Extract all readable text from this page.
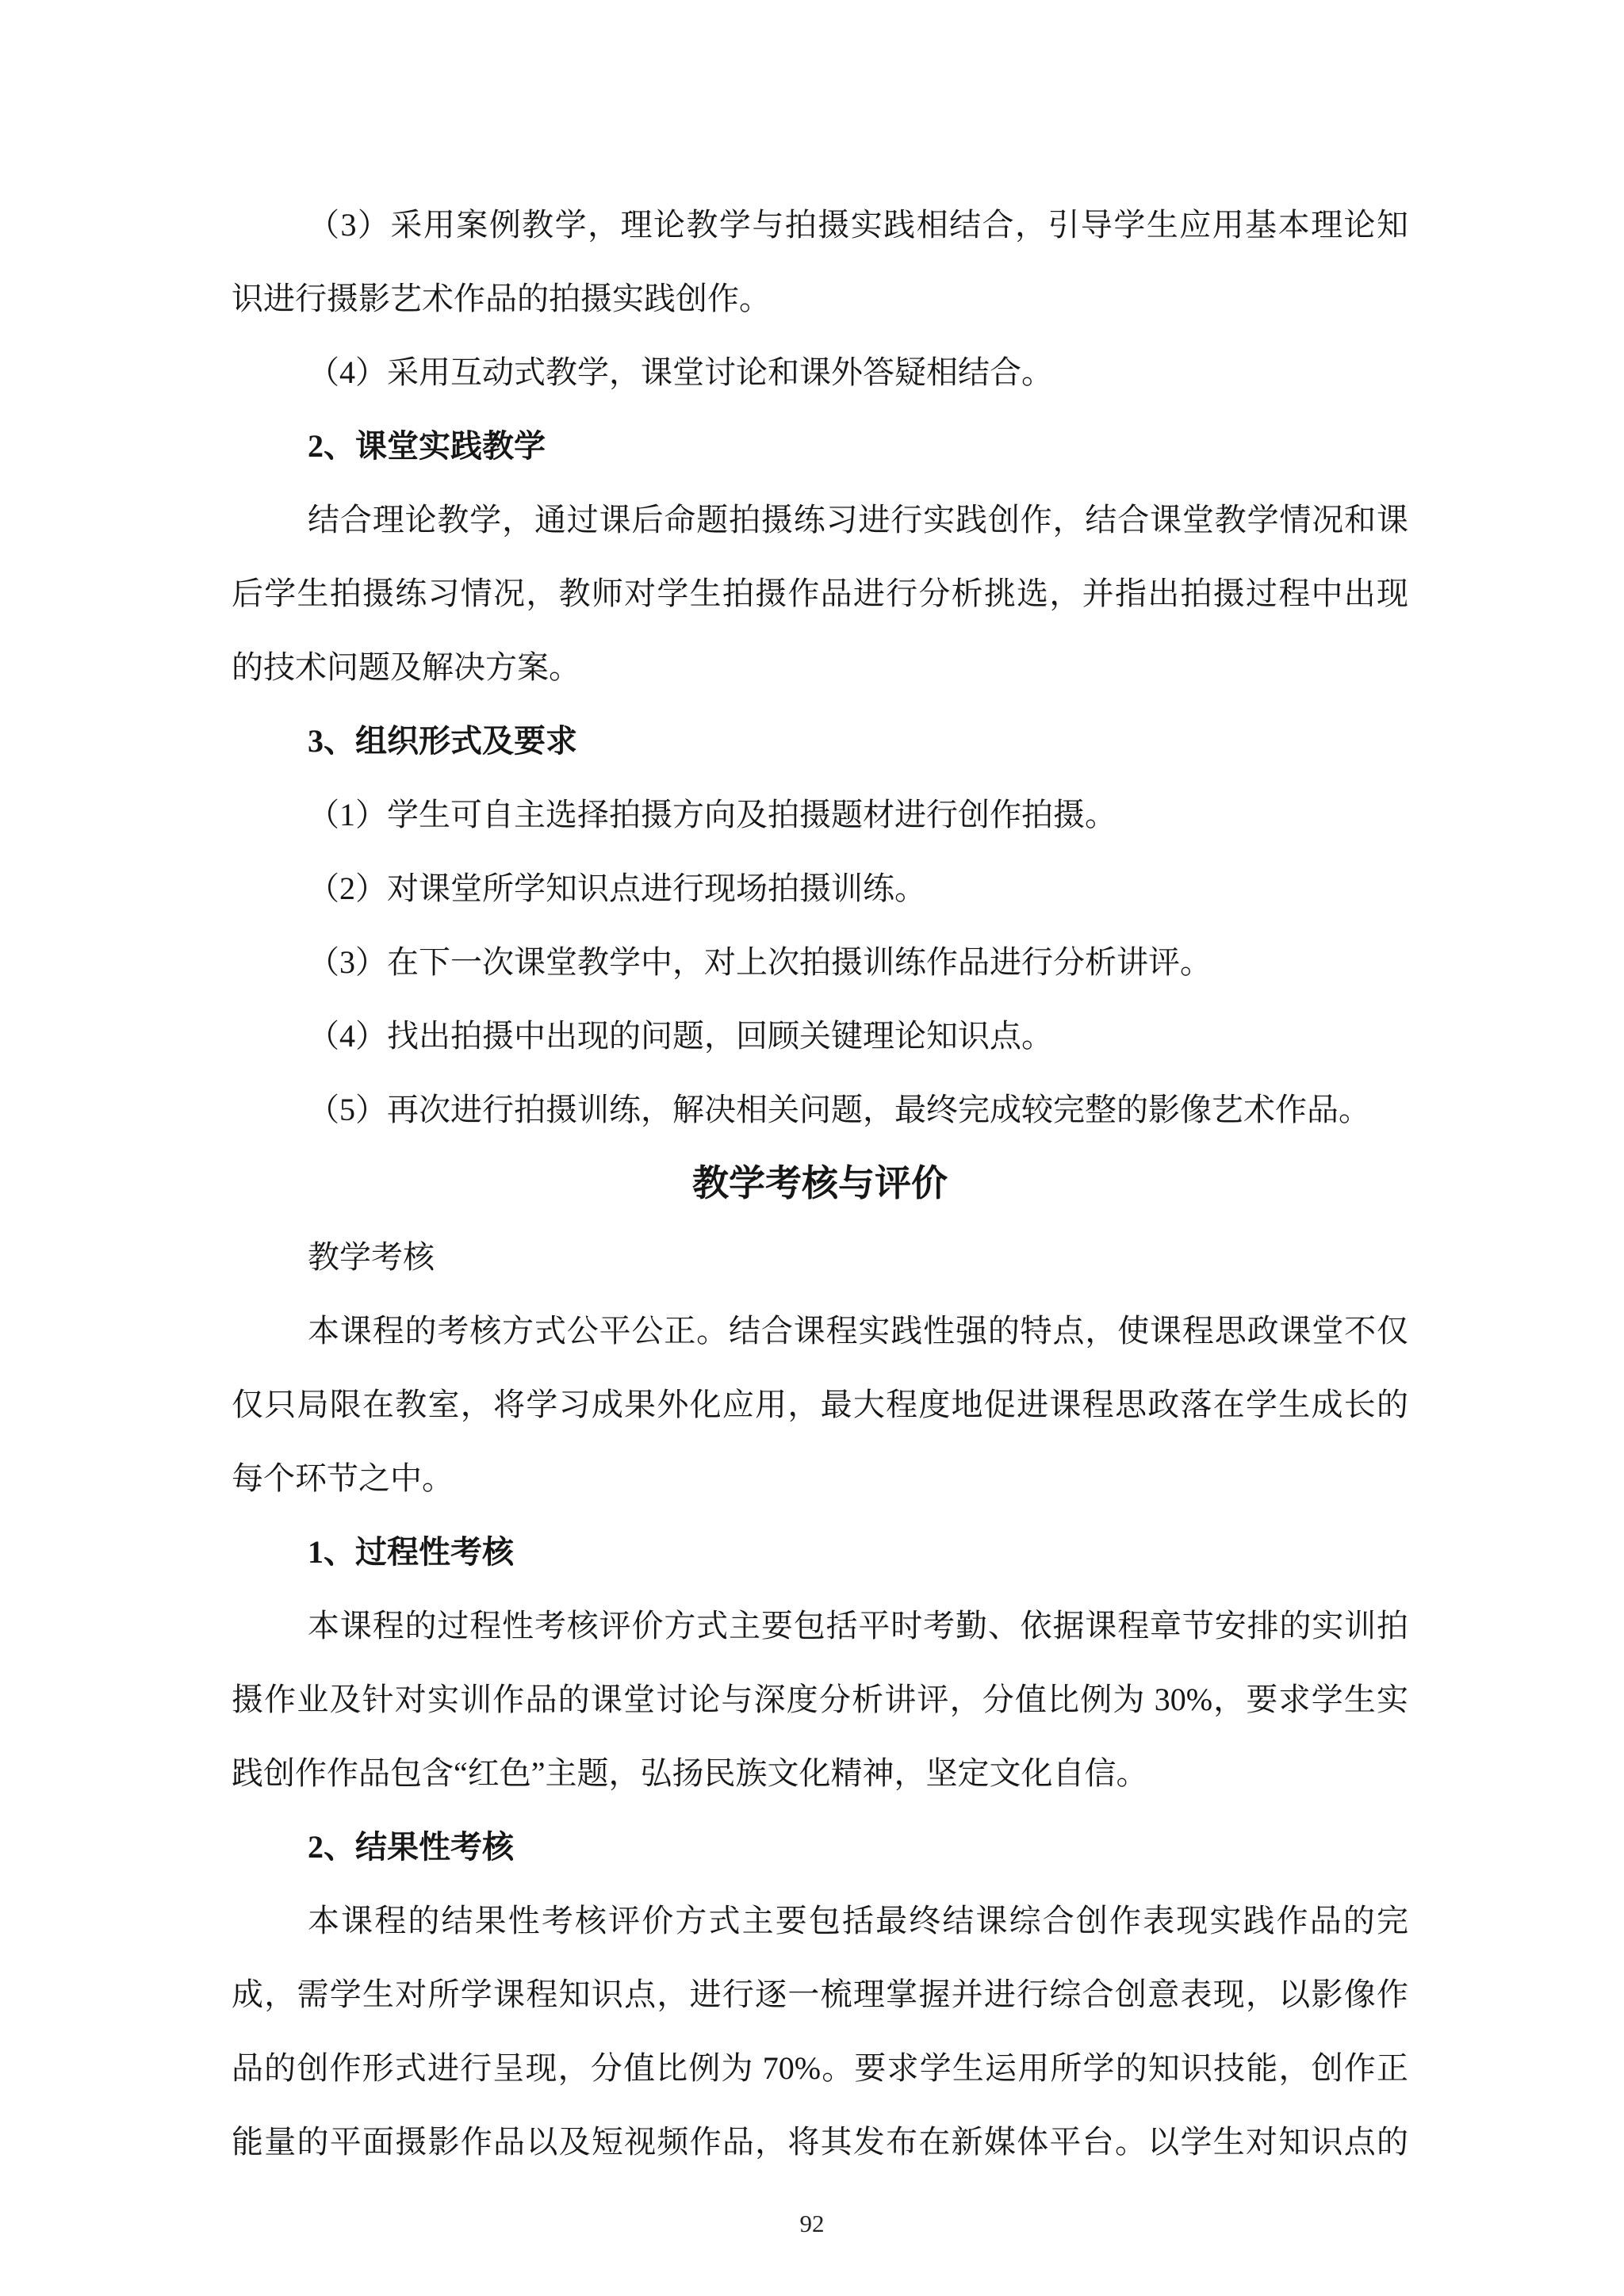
（3）采用案例教学，理论教学与拍摄实践相结合，引导学生应用基本理论知
识进行摄影艺术作品的拍摄实践创作。
（4）采用互动式教学，课堂讨论和课外答疑相结合。
2、课堂实践教学
结合理论教学，通过课后命题拍摄练习进行实践创作，结合课堂教学情况和课
后学生拍摄练习情况，教师对学生拍摄作品进行分析挑选，并指出拍摄过程中出现
的技术问题及解决方案。
3、组织形式及要求
（1）学生可自主选择拍摄方向及拍摄题材进行创作拍摄。
（2）对课堂所学知识点进行现场拍摄训练。
（3）在下一次课堂教学中，对上次拍摄训练作品进行分析讲评。
（4）找出拍摄中出现的问题，回顾关键理论知识点。
（5）再次进行拍摄训练，解决相关问题，最终完成较完整的影像艺术作品。
教学考核与评价
教学考核
本课程的考核方式公平公正。结合课程实践性强的特点，使课程思政课堂不仅
仅只局限在教室，将学习成果外化应用，最大程度地促进课程思政落在学生成长的
每个环节之中。
1、过程性考核
本课程的过程性考核评价方式主要包括平时考勤、依据课程章节安排的实训拍
摄作业及针对实训作品的课堂讨论与深度分析讲评，分值比例为 30%，要求学生实
践创作作品包含“红色”主题，弘扬民族文化精神，坚定文化自信。
2、结果性考核
本课程的结果性考核评价方式主要包括最终结课综合创作表现实践作品的完
成，需学生对所学课程知识点，进行逐一梳理掌握并进行综合创意表现，以影像作
品的创作形式进行呈现，分值比例为 70%。要求学生运用所学的知识技能，创作正
能量的平面摄影作品以及短视频作品，将其发布在新媒体平台。以学生对知识点的
92
